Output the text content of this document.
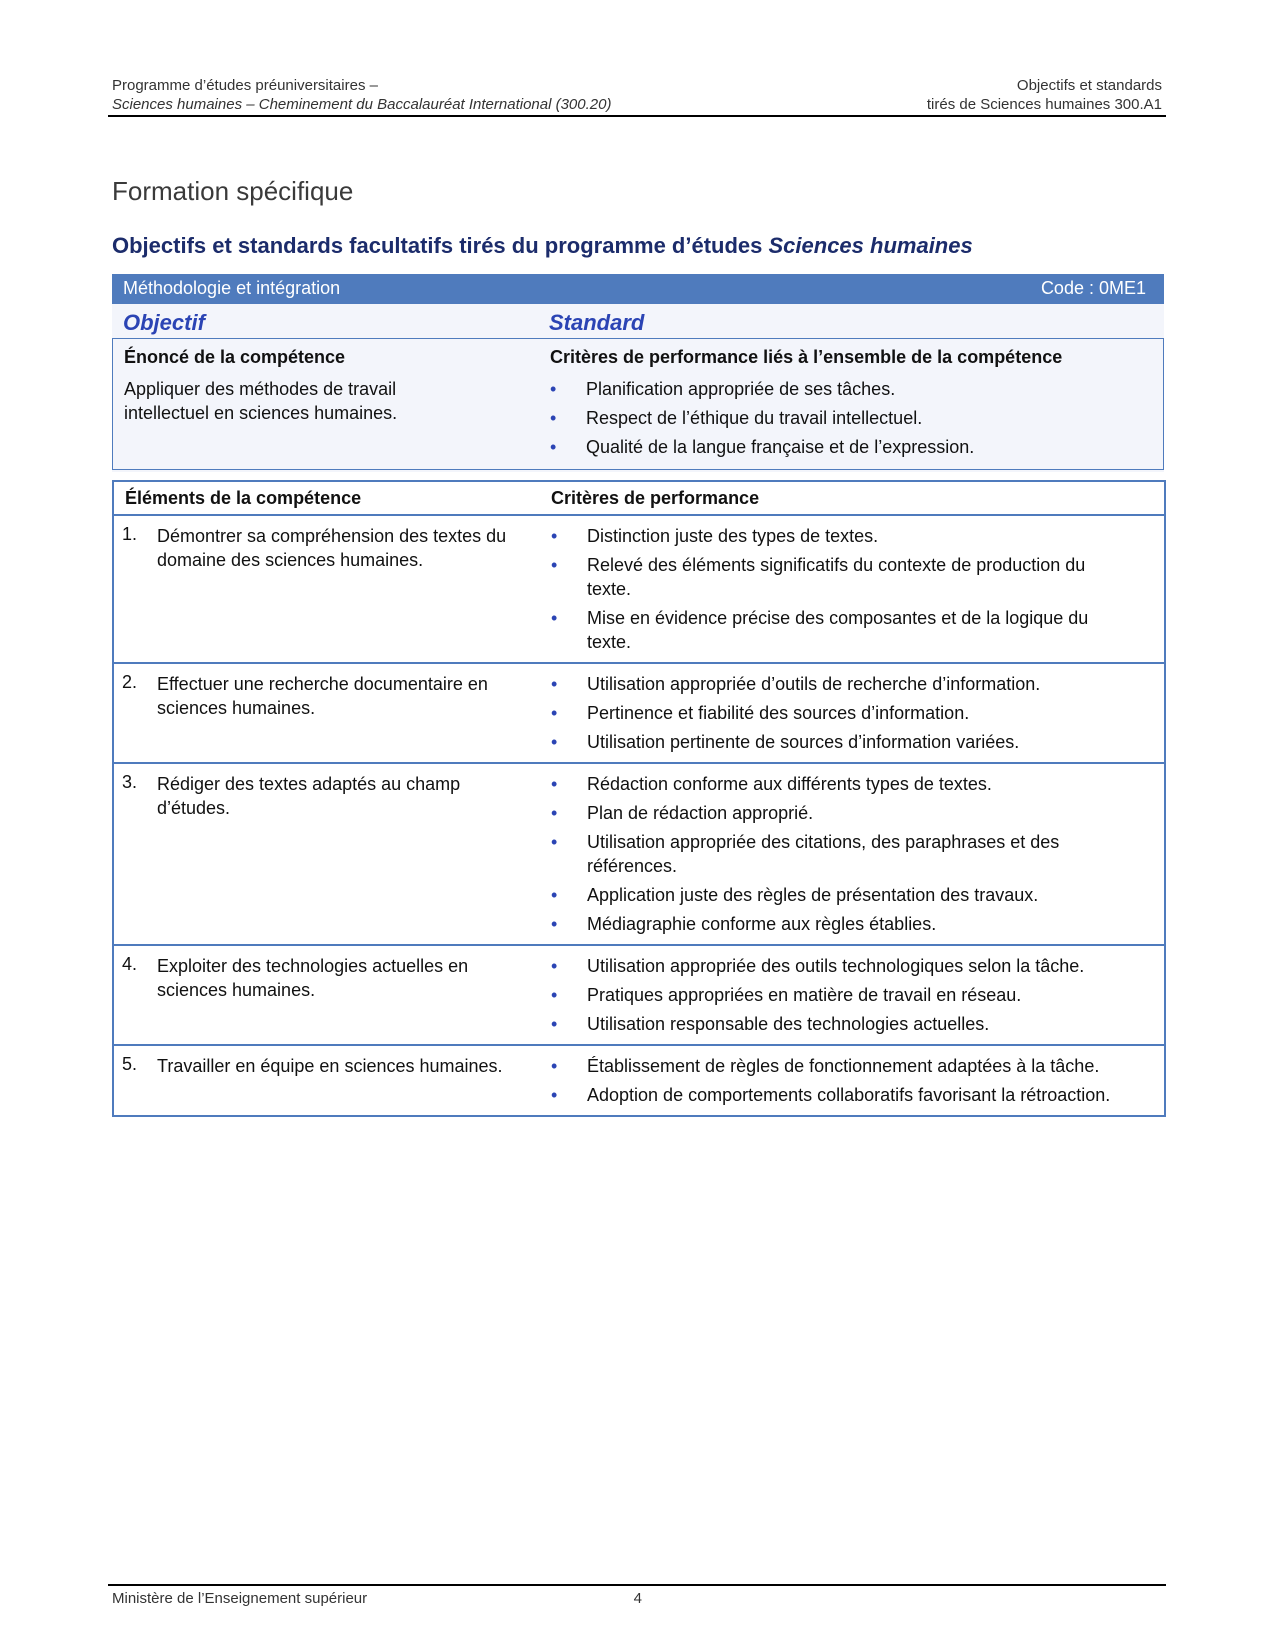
Programme d’études préuniversitaires –	Objectifs et standards
Sciences humaines – Cheminement du Baccalauréat International (300.20)	tirés de Sciences humaines 300.A1
Formation spécifique
Objectifs et standards facultatifs tirés du programme d’études Sciences humaines
Méthodologie et intégration	Code : 0ME1
Objectif	Standard
Énoncé de la compétence	Critères de performance liés à l’ensemble de la compétence
Appliquer des méthodes de travail intellectuel en sciences humaines.
• Planification appropriée de ses tâches.
• Respect de l’éthique du travail intellectuel.
• Qualité de la langue française et de l’expression.
Éléments de la compétence	Critères de performance
1. Démontrer sa compréhension des textes du domaine des sciences humaines.
• Distinction juste des types de textes.
• Relevé des éléments significatifs du contexte de production du texte.
• Mise en évidence précise des composantes et de la logique du texte.
2. Effectuer une recherche documentaire en sciences humaines.
• Utilisation appropriée d’outils de recherche d’information.
• Pertinence et fiabilité des sources d’information.
• Utilisation pertinente de sources d’information variées.
3. Rédiger des textes adaptés au champ d’études.
• Rédaction conforme aux différents types de textes.
• Plan de rédaction approprié.
• Utilisation appropriée des citations, des paraphrases et des références.
• Application juste des règles de présentation des travaux.
• Médiagraphie conforme aux règles établies.
4. Exploiter des technologies actuelles en sciences humaines.
• Utilisation appropriée des outils technologiques selon la tâche.
• Pratiques appropriées en matière de travail en réseau.
• Utilisation responsable des technologies actuelles.
5. Travailler en équipe en sciences humaines.	• Établissement de règles de fonctionnement adaptées à la tâche.
• Adoption de comportements collaboratifs favorisant la rétroaction.
Ministère de l’Enseignement supérieur	4
